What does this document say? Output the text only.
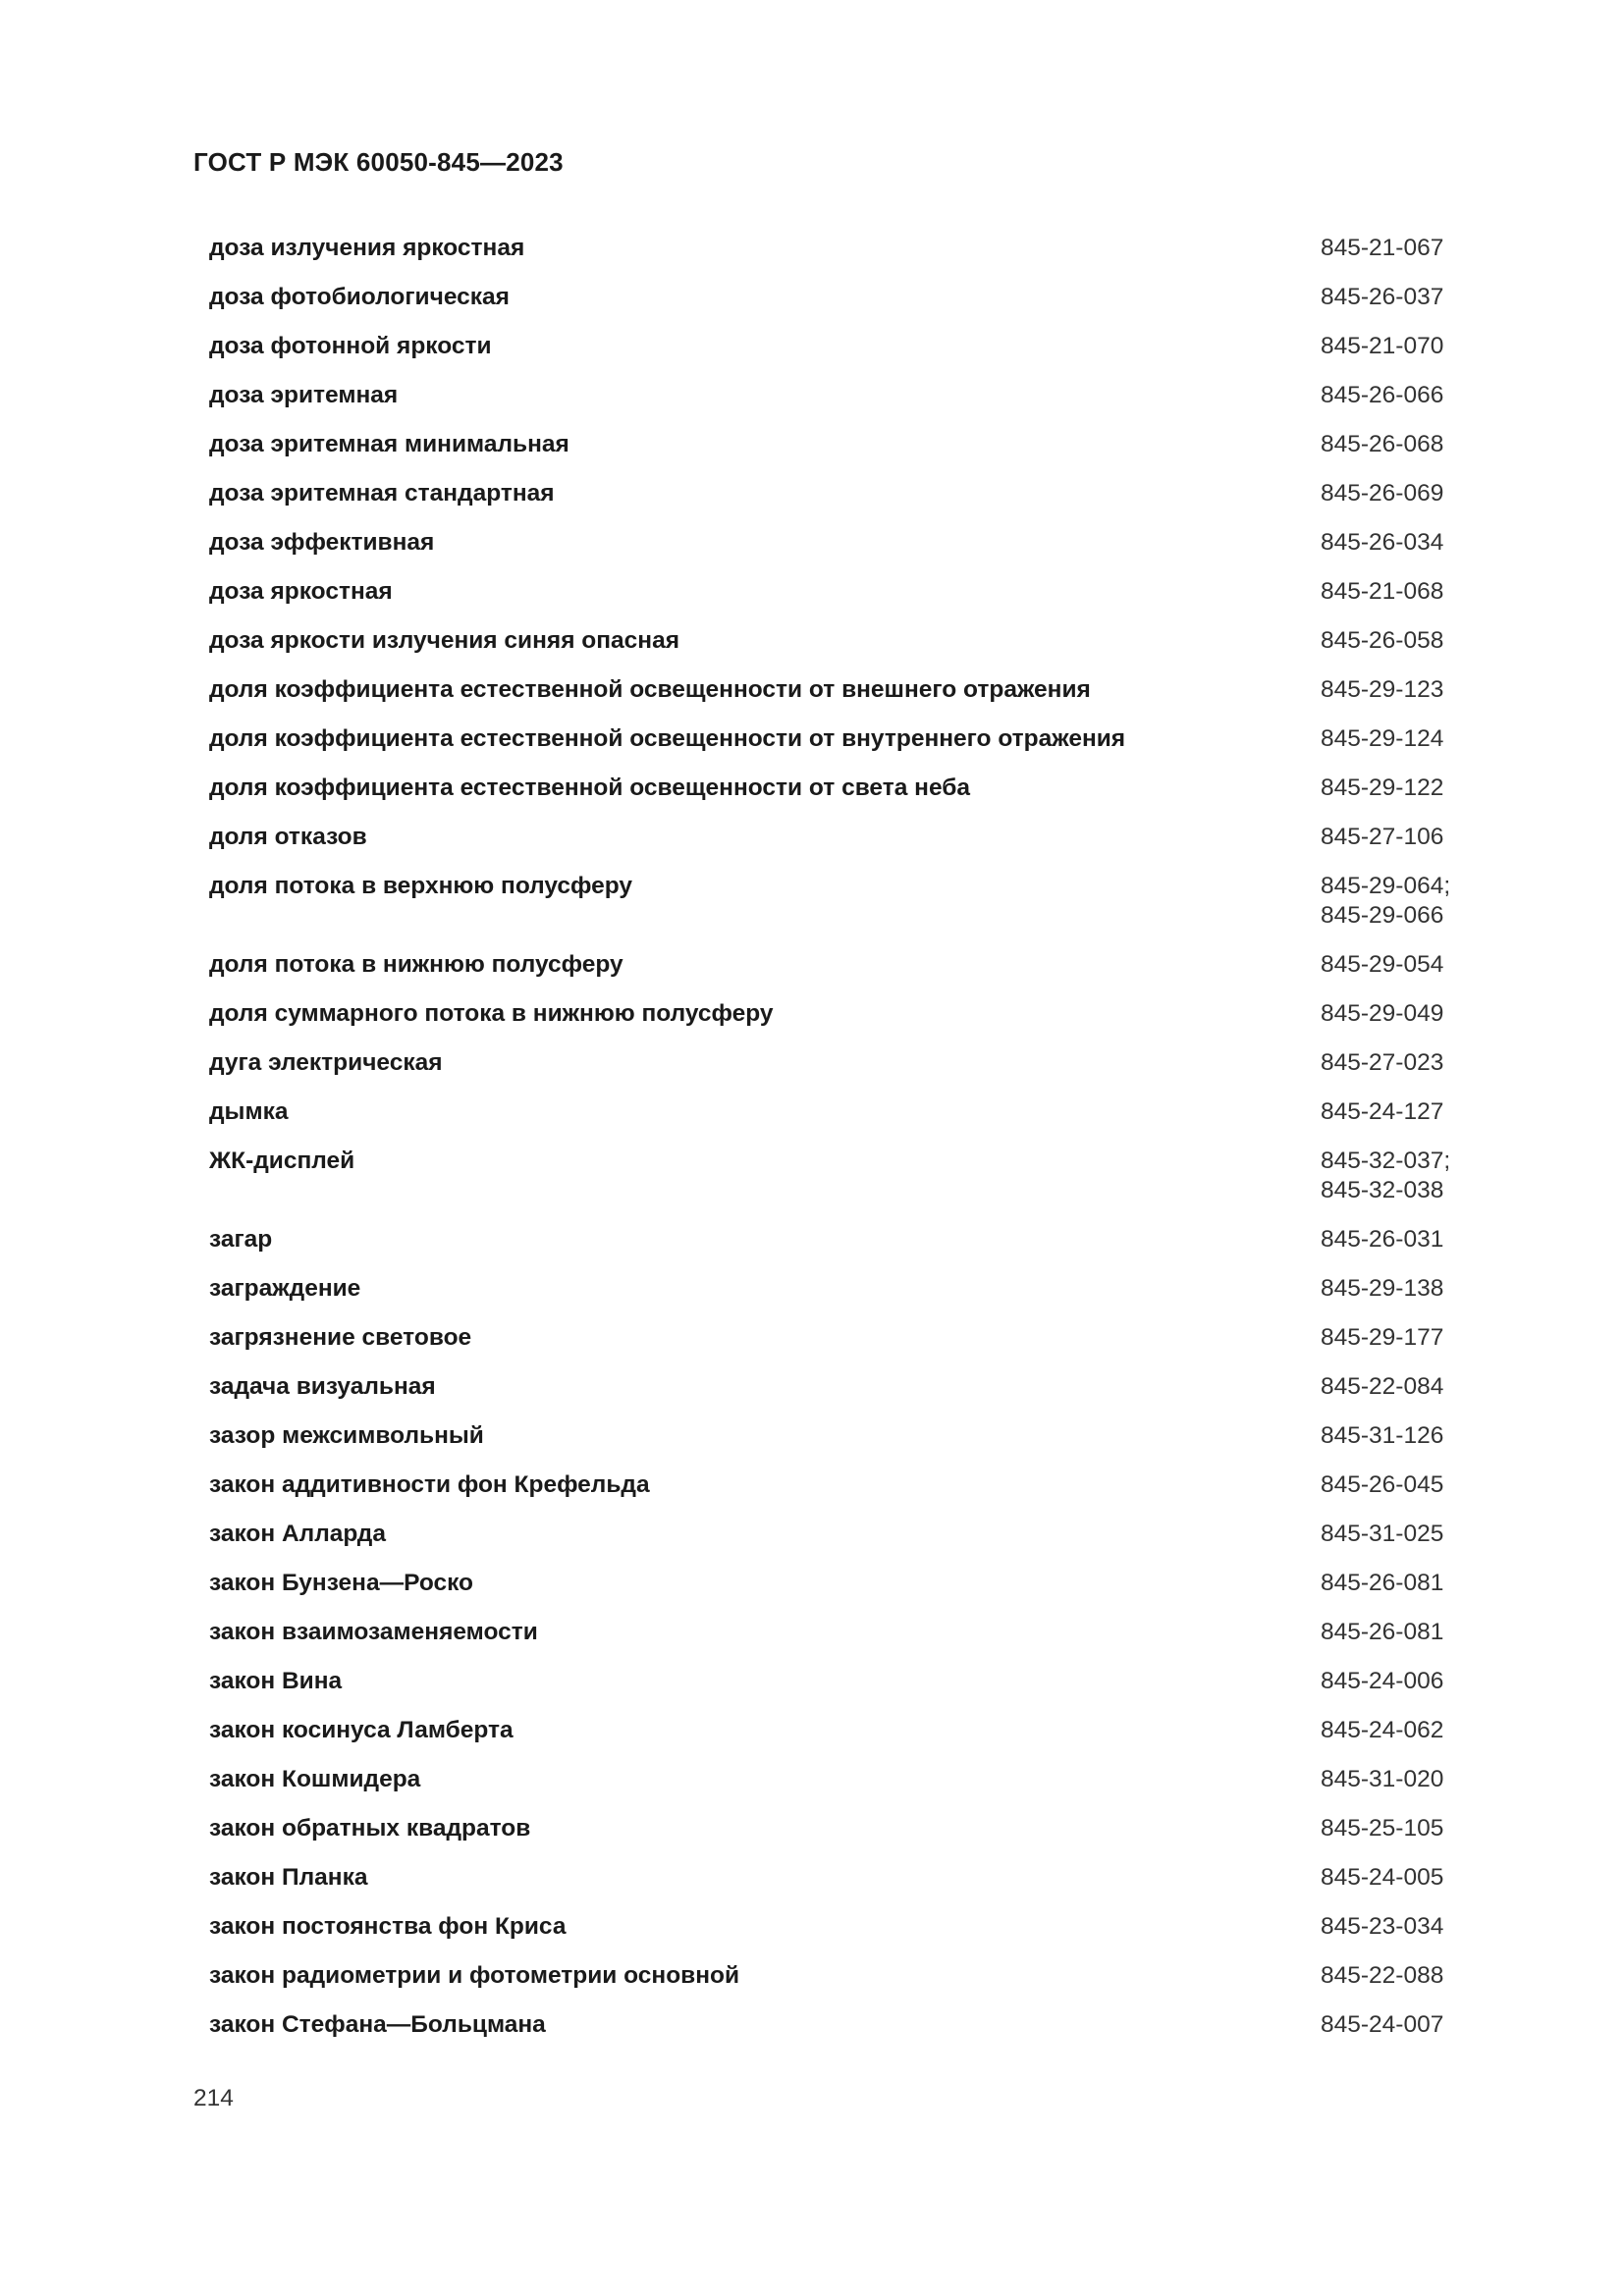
ГОСТ Р МЭК 60050-845—2023
доза излучения яркостная	845-21-067
доза фотобиологическая	845-26-037
доза фотонной яркости	845-21-070
доза эритемная	845-26-066
доза эритемная минимальная	845-26-068
доза эритемная стандартная	845-26-069
доза эффективная	845-26-034
доза яркостная	845-21-068
доза яркости излучения синяя опасная	845-26-058
доля коэффициента естественной освещенности от внешнего отражения	845-29-123
доля коэффициента естественной освещенности от внутреннего отражения	845-29-124
доля коэффициента естественной освещенности от света неба	845-29-122
доля отказов	845-27-106
доля потока в верхнюю полусферу	845-29-064;
845-29-066
доля потока в нижнюю полусферу	845-29-054
доля суммарного потока в нижнюю полусферу	845-29-049
дуга электрическая	845-27-023
дымка	845-24-127
ЖК-дисплей	845-32-037;
845-32-038
загар	845-26-031
заграждение	845-29-138
загрязнение световое	845-29-177
задача визуальная	845-22-084
зазор межсимвольный	845-31-126
закон аддитивности фон Крефельда	845-26-045
закон Алларда	845-31-025
закон Бунзена—Роско	845-26-081
закон взаимозаменяемости	845-26-081
закон Вина	845-24-006
закон косинуса Ламберта	845-24-062
закон Кошмидера	845-31-020
закон обратных квадратов	845-25-105
закон Планка	845-24-005
закон постоянства фон Криса	845-23-034
закон радиометрии и фотометрии основной	845-22-088
закон Стефана—Больцмана	845-24-007
214
